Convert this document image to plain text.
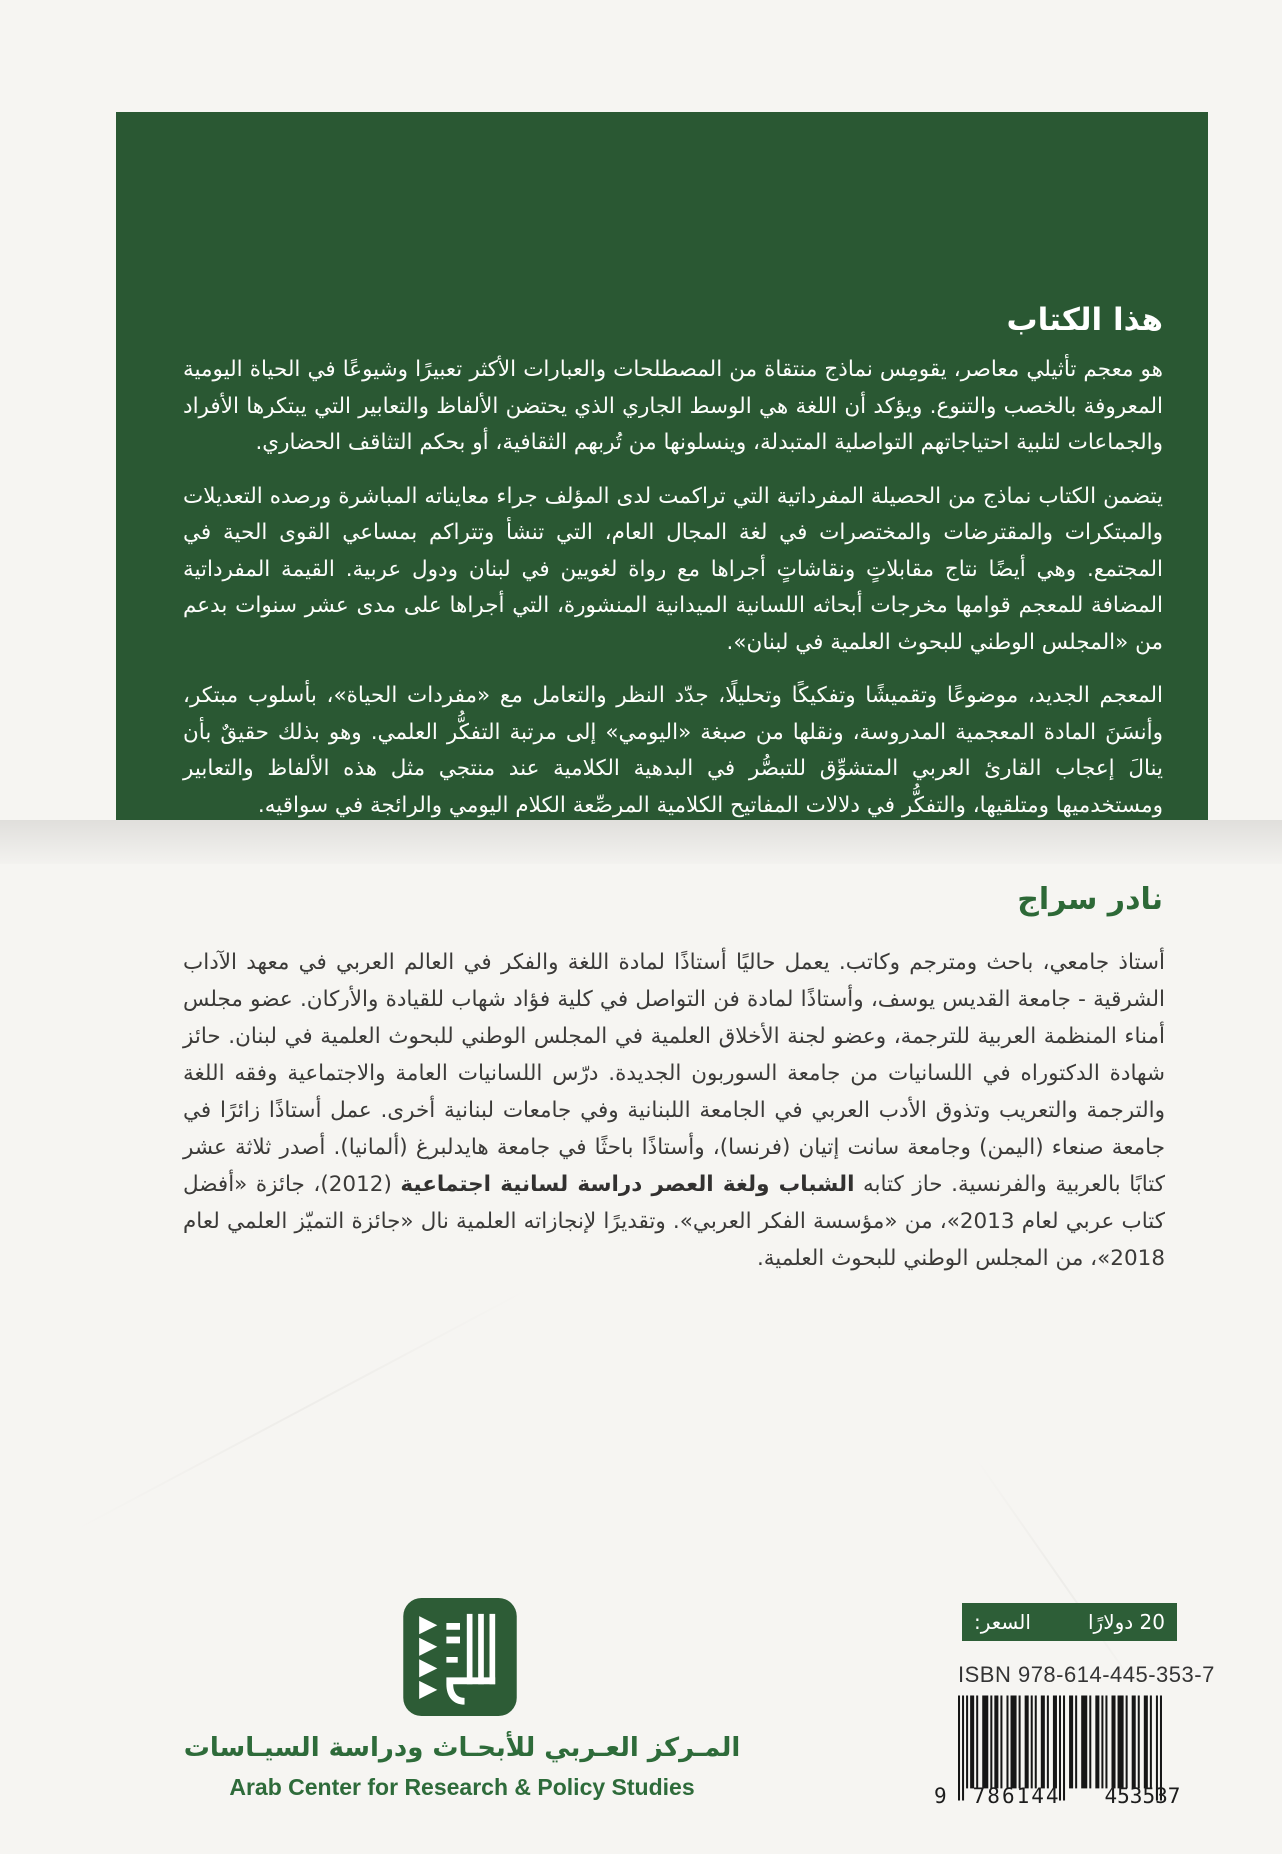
هذا الكتاب

هو معجم تأثيلي معاصر، يقومِس نماذج منتقاة من المصطلحات والعبارات الأكثر تعبيرًا وشيوعًا في الحياة اليومية المعروفة بالخصب والتنوع. ويؤكد أن اللغة هي الوسط الجاري الذي يحتضن الألفاظ والتعابير التي يبتكرها الأفراد والجماعات لتلبية احتياجاتهم التواصلية المتبدلة، وينسلونها من تُربهم الثقافية، أو بحكم التثاقف الحضاري.

يتضمن الكتاب نماذج من الحصيلة المفرداتية التي تراكمت لدى المؤلف جراء معايناته المباشرة ورصده التعديلات والمبتكرات والمقترضات والمختصرات في لغة المجال العام، التي تنشأ وتتراكم بمساعي القوى الحية في المجتمع. وهي أيضًا نتاج مقابلاتٍ ونقاشاتٍ أجراها مع رواة لغويين في لبنان ودول عربية. القيمة المفرداتية المضافة للمعجم قوامها مخرجات أبحاثه اللسانية الميدانية المنشورة، التي أجراها على مدى عشر سنوات بدعم من «المجلس الوطني للبحوث العلمية في لبنان».

المعجم الجديد، موضوعًا وتقميشًا وتفكيكًا وتحليلًا، جدّد النظر والتعامل مع «مفردات الحياة»، بأسلوب مبتكر، وأنسَنَ المادة المعجمية المدروسة، ونقلها من صبغة «اليومي» إلى مرتبة التفكُّر العلمي. وهو بذلك حقيقٌ بأن ينالَ إعجاب القارئ العربي المتشوِّق للتبصُّر في البدهية الكلامية عند منتجي مثل هذه الألفاظ والتعابير ومستخدميها ومتلقيها، والتفكُّر في دلالات المفاتيح الكلامية المرصِّعة الكلام اليومي والرائجة في سواقيه.

نادر سراج

أستاذ جامعي، باحث ومترجم وكاتب. يعمل حاليًا أستاذًا لمادة اللغة والفكر في العالم العربي في معهد الآداب الشرقية - جامعة القديس يوسف، وأستاذًا لمادة فن التواصل في كلية فؤاد شهاب للقيادة والأركان. عضو مجلس أمناء المنظمة العربية للترجمة، وعضو لجنة الأخلاق العلمية في المجلس الوطني للبحوث العلمية في لبنان. حائز شهادة الدكتوراه في اللسانيات من جامعة السوربون الجديدة. درّس اللسانيات العامة والاجتماعية وفقه اللغة والترجمة والتعريب وتذوق الأدب العربي في الجامعة اللبنانية وفي جامعات لبنانية أخرى. عمل أستاذًا زائرًا في جامعة صنعاء (اليمن) وجامعة سانت إتيان (فرنسا)، وأستاذًا باحثًا في جامعة هايدلبرغ (ألمانيا). أصدر ثلاثة عشر كتابًا بالعربية والفرنسية. حاز كتابه الشباب ولغة العصر دراسة لسانية اجتماعية (2012)، جائزة «أفضل كتاب عربي لعام 2013»، من «مؤسسة الفكر العربي». وتقديرًا لإنجازاته العلمية نال «جائزة التميّز العلمي لعام 2018»، من المجلس الوطني للبحوث العلمية.

المـركز العـربي للأبحـاث ودراسة السيـاسات

Arab Center for Research & Policy Studies

السعر:	20 دولارًا

ISBN 978-614-445-353-7

9 786144 453537
